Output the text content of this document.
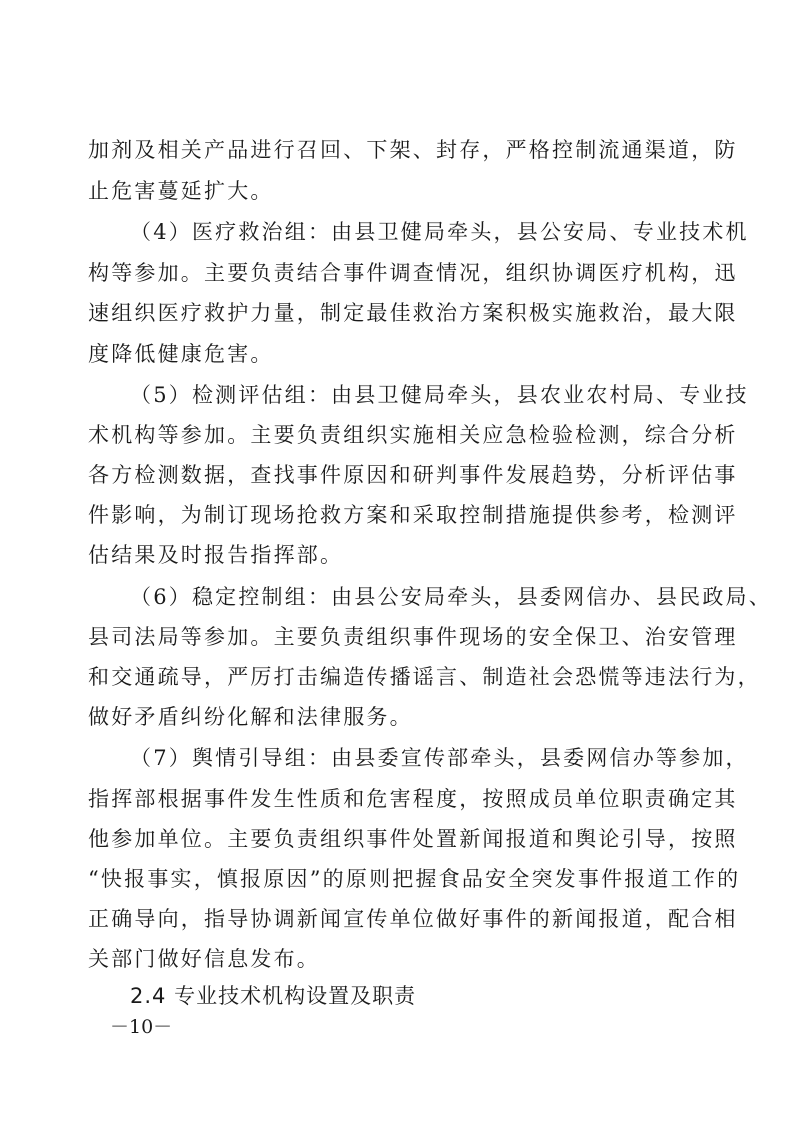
加剂及相关产品进行召回、下架、封存，严格控制流通渠道，防
止危害蔓延扩大。
（4）医疗救治组：由县卫健局牵头，县公安局、专业技术机
构等参加。主要负责结合事件调查情况，组织协调医疗机构，迅
速组织医疗救护力量，制定最佳救治方案积极实施救治，最大限
度降低健康危害。
（5）检测评估组：由县卫健局牵头，县农业农村局、专业技
术机构等参加。主要负责组织实施相关应急检验检测，综合分析
各方检测数据，查找事件原因和研判事件发展趋势，分析评估事
件影响，为制订现场抢救方案和采取控制措施提供参考，检测评
估结果及时报告指挥部。
（6）稳定控制组：由县公安局牵头，县委网信办、县民政局、
县司法局等参加。主要负责组织事件现场的安全保卫、治安管理
和交通疏导，严厉打击编造传播谣言、制造社会恐慌等违法行为，
做好矛盾纠纷化解和法律服务。
（7）舆情引导组：由县委宣传部牵头，县委网信办等参加，
指挥部根据事件发生性质和危害程度，按照成员单位职责确定其
他参加单位。主要负责组织事件处置新闻报道和舆论引导，按照
“快报事实，慎报原因”的原则把握食品安全突发事件报道工作的
正确导向，指导协调新闻宣传单位做好事件的新闻报道，配合相
关部门做好信息发布。
2.4 专业技术机构设置及职责
－10－
